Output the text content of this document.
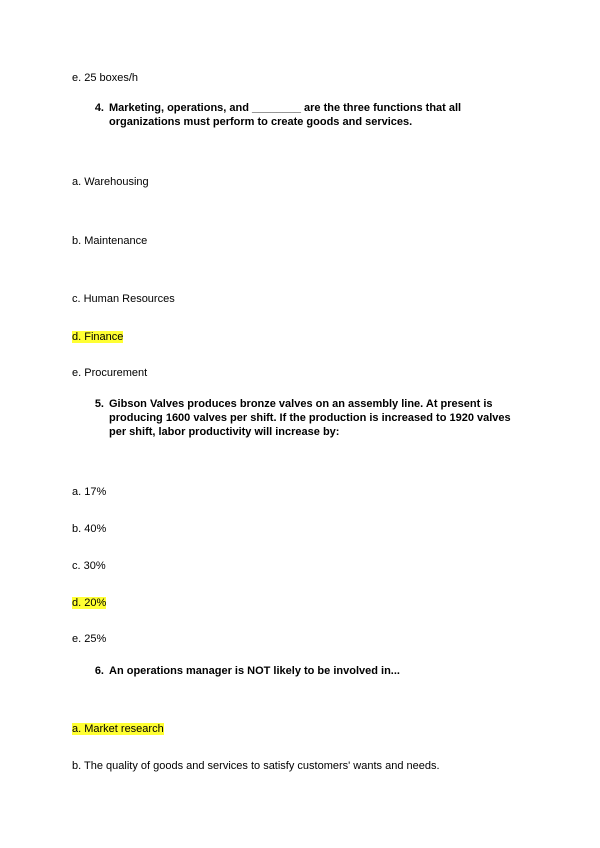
e. 25 boxes/h
4. Marketing, operations, and ________ are the three functions that all organizations must perform to create goods and services.
a. Warehousing
b. Maintenance
c. Human Resources
d. Finance
e. Procurement
5. Gibson Valves produces bronze valves on an assembly line. At present is producing 1600 valves per shift. If the production is increased to 1920 valves per shift, labor productivity will increase by:
a. 17%
b. 40%
c. 30%
d. 20%
e. 25%
6. An operations manager is NOT likely to be involved in...
a. Market research
b. The quality of goods and services to satisfy customers' wants and needs.
